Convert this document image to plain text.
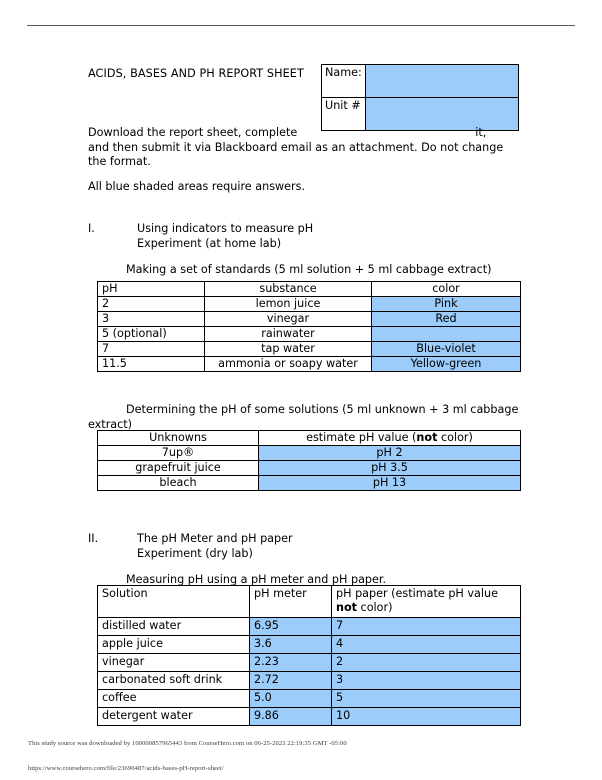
ACIDS, BASES AND PH REPORT SHEET Name:	
Unit #	
Download the report sheet, complete	it,
and then submit it via Blackboard email as an attachment. Do not change
the format.
All blue shaded areas require answers.
I.	Using indicators to measure pH
Experiment (at home lab)
Making a set of standards (5 ml solution + 5 ml cabbage extract)
pH	substance	color
2	lemon juice	Pink
3	vinegar	Red
5 (optional)	rainwater	
7	tap water	Blue-violet
11.5	ammonia or soapy water	Yellow-green
Determining the pH of some solutions (5 ml unknown + 3 ml cabbage
extract)
Unknowns	estimate pH value (not color)
7up®	pH 2
grapefruit juice	pH 3.5
bleach	pH 13
II.	The pH Meter and pH paper
Experiment (dry lab)
Measuring pH using a pH meter and pH paper.
Solution	pH meter	pH paper (estimate pH value
not color)
distilled water	6.95	7
apple juice	3.6	4
vinegar	2.23	2
carbonated soft drink	2.72	3
coffee	5.0	5
detergent water	9.86	10
This study source was downloaded by 100000857965443 from CourseHero.com on 06-25-2023 22:19:35 GMT -05:00
https://www.coursehero.com/file/23690487/acids-bases-pH-report-sheet/
